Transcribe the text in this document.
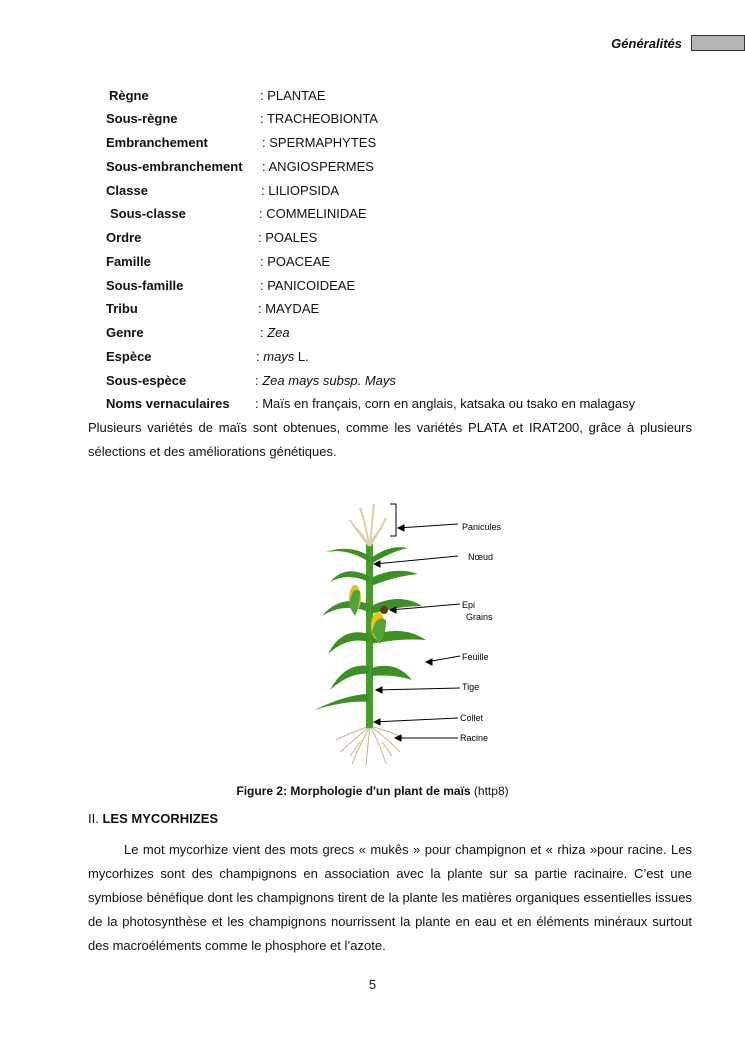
Généralités
Règne	: PLANTAE
Sous-règne	: TRACHEOBIONTA
Embranchement	: SPERMAPHYTES
Sous-embranchement : ANGIOSPERMES
Classe	: LILIOPSIDA
Sous-classe	: COMMELINIDAE
Ordre	: POALES
Famille	: POACEAE
Sous-famille	: PANICOIDEAE
Tribu	: MAYDAE
Genre	: Zea
Espèce	: mays L.
Sous-espèce	: Zea mays subsp. Mays
Noms vernaculaires : Maïs en français, corn en anglais, katsaka ou tsako en malagasy
Plusieurs variétés de maïs sont obtenues, comme les variétés PLATA et IRAT200, grâce à plusieurs sélections et des améliorations génétiques.
Panicules
Nœud
Epi
Grains
Feuille
Tige
Collet
Racine
Figure 2: Morphologie d'un plant de maïs (http8)
II. LES MYCORHIZES
Le mot mycorhize vient des mots grecs « mukês » pour champignon et « rhiza »pour racine. Les mycorhizes sont des champignons en association avec la plante sur sa partie racinaire. C’est une symbiose bénéfique dont les champignons tirent de la plante les matières organiques essentielles issues de la photosynthèse et les champignons nourrissent la plante en eau et en éléments minéraux surtout des macroéléments comme le phosphore et l’azote.
5
